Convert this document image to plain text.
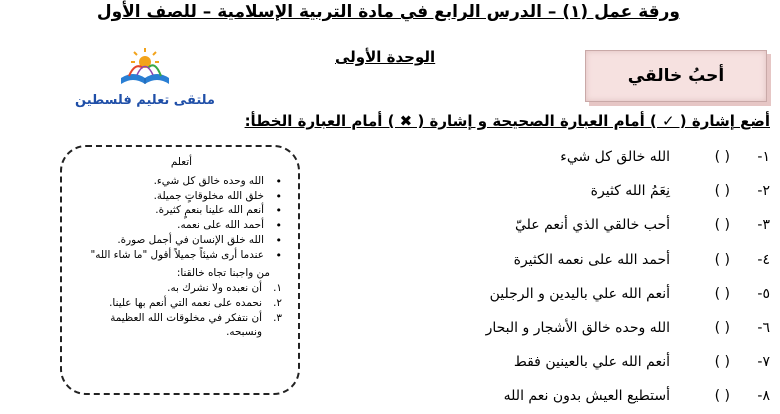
ورقة عمل (١) – الدرس الرابع في مادة التربية الإسلامية – للصف الأول
الوحدة الأولى
أحبُ خالقي
ملتقى تعليم فلسطين
أضع إشارة ( ✓ ) أمام العبارة الصحيحة و إشارة ( ✖ ) أمام العبارة الخطأ:
١-
( )
الله خالق كل شيء
٢-
( )
نِعَمُ الله كثيرة
٣-
( )
أحب خالقي الذي أنعم عليّ
٤-
( )
أحمد الله على نعمه الكثيرة
٥-
( )
أنعم الله علي باليدين و الرجلين
٦-
( )
الله وحده خالق الأشجار و البحار
٧-
( )
أنعم الله علي بالعينين فقط
٨-
( )
أستطيع العيش بدون نعم الله
أتعلم
• الله وحده خالق كل شيء.
• خلق الله مخلوقاتٍ جميلة.
• أنعم الله علينا بنعمٍ كثيرة.
• أحمد الله على نعمه.
• الله خلق الإنسان في أجمل صورة.
• عندما أرى شيئاً جميلاً أقول "ما شاء الله"
من واجبنا تجاه خالقنا:
١.
أن نعبده ولا نشرك به.
٢.
نحمده على نعمه التي أنعم بها علينا.
٣.
أن نتفكر في مخلوقات الله العظيمة ونسبحه.
